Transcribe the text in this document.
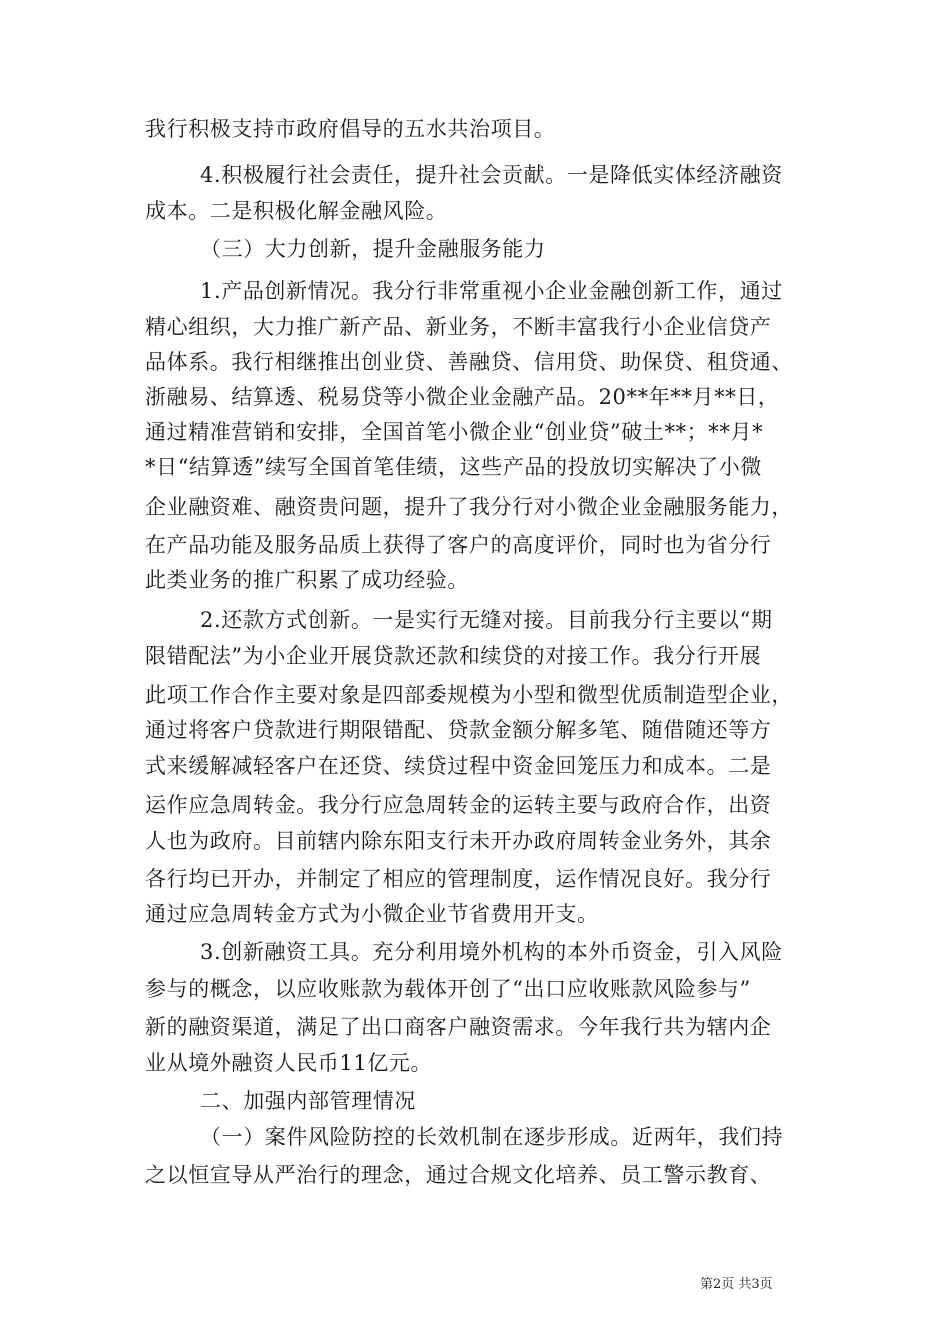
我行积极支持市政府倡导的五水共治项目。
4.积极履行社会责任，提升社会贡献。一是降低实体经济融资
成本。二是积极化解金融风险。
（三）大力创新，提升金融服务能力
1.产品创新情况。我分行非常重视小企业金融创新工作，通过
精心组织，大力推广新产品、新业务，不断丰富我行小企业信贷产
品体系。我行相继推出创业贷、善融贷、信用贷、助保贷、租贷通、
浙融易、结算透、税易贷等小微企业金融产品。20**年**月**日，
通过精准营销和安排，全国首笔小微企业“创业贷”破土**；**月*
*日“结算透”续写全国首笔佳绩，这些产品的投放切实解决了小微
企业融资难、融资贵问题，提升了我分行对小微企业金融服务能力，
在产品功能及服务品质上获得了客户的高度评价，同时也为省分行
此类业务的推广积累了成功经验。
2.还款方式创新。一是实行无缝对接。目前我分行主要以“期
限错配法”为小企业开展贷款还款和续贷的对接工作。我分行开展
此项工作合作主要对象是四部委规模为小型和微型优质制造型企业，
通过将客户贷款进行期限错配、贷款金额分解多笔、随借随还等方
式来缓解减轻客户在还贷、续贷过程中资金回笼压力和成本。二是
运作应急周转金。我分行应急周转金的运转主要与政府合作，出资
人也为政府。目前辖内除东阳支行未开办政府周转金业务外，其余
各行均已开办，并制定了相应的管理制度，运作情况良好。我分行
通过应急周转金方式为小微企业节省费用开支。
3.创新融资工具。充分利用境外机构的本外币资金，引入风险
参与的概念，以应收账款为载体开创了“出口应收账款风险参与”
新的融资渠道，满足了出口商客户融资需求。今年我行共为辖内企
业从境外融资人民币11亿元。
二、加强内部管理情况
（一）案件风险防控的长效机制在逐步形成。近两年，我们持
之以恒宣导从严治行的理念，通过合规文化培养、员工警示教育、
第2页 共3页
